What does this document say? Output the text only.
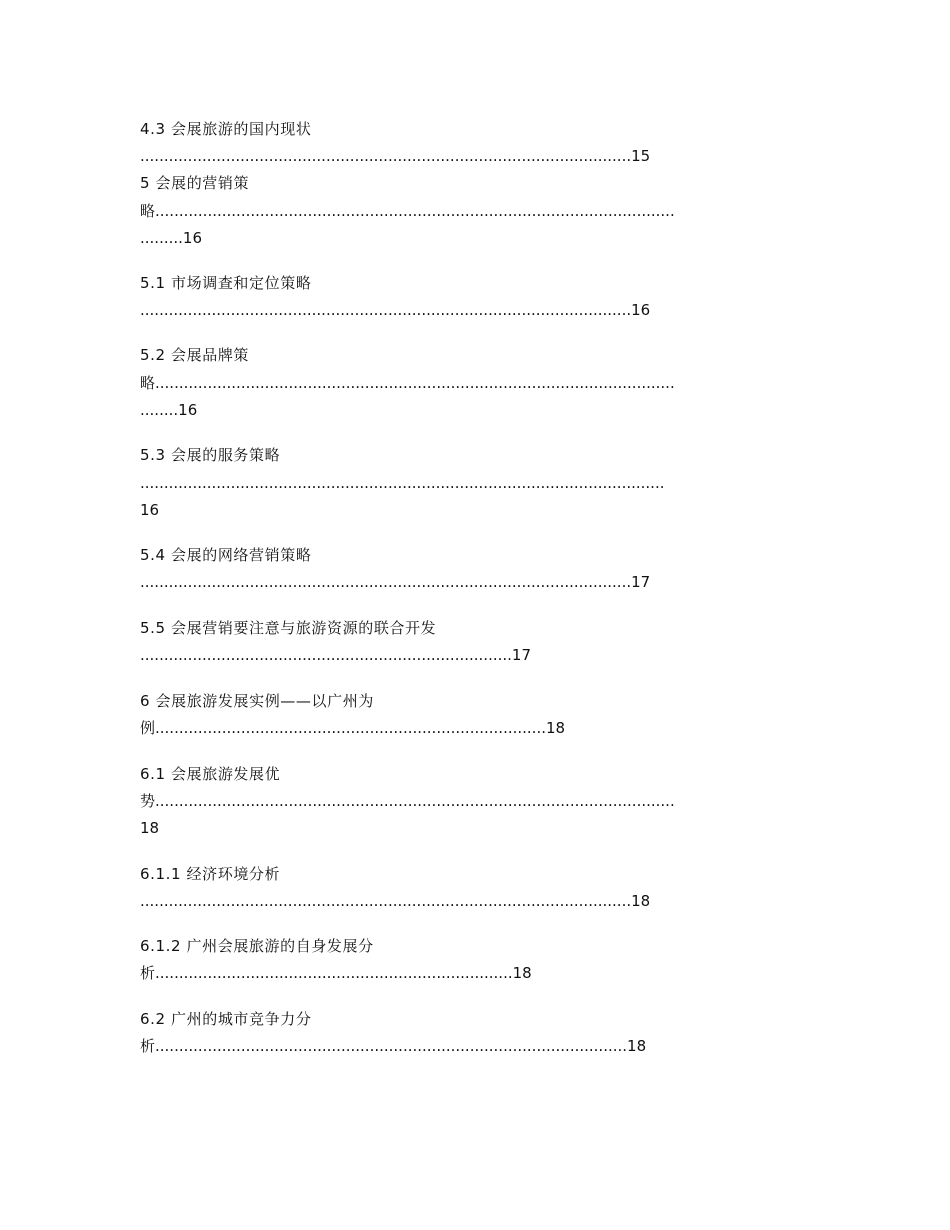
4.3 会展旅游的国内现状
.......................................................................................................15
5 会展的营销策
略.............................................................................................................
.........16
5.1 市场调查和定位策略
.......................................................................................................16
5.2 会展品牌策
略.............................................................................................................
........16
5.3 会展的服务策略
..............................................................................................................
16
5.4 会展的网络营销策略
.......................................................................................................17
5.5 会展营销要注意与旅游资源的联合开发
..............................................................................17
6 会展旅游发展实例——以广州为
例..................................................................................18
6.1 会展旅游发展优
势.............................................................................................................
18
6.1.1 经济环境分析
.......................................................................................................18
6.1.2 广州会展旅游的自身发展分
析...........................................................................18
6.2 广州的城市竞争力分
析...................................................................................................18
